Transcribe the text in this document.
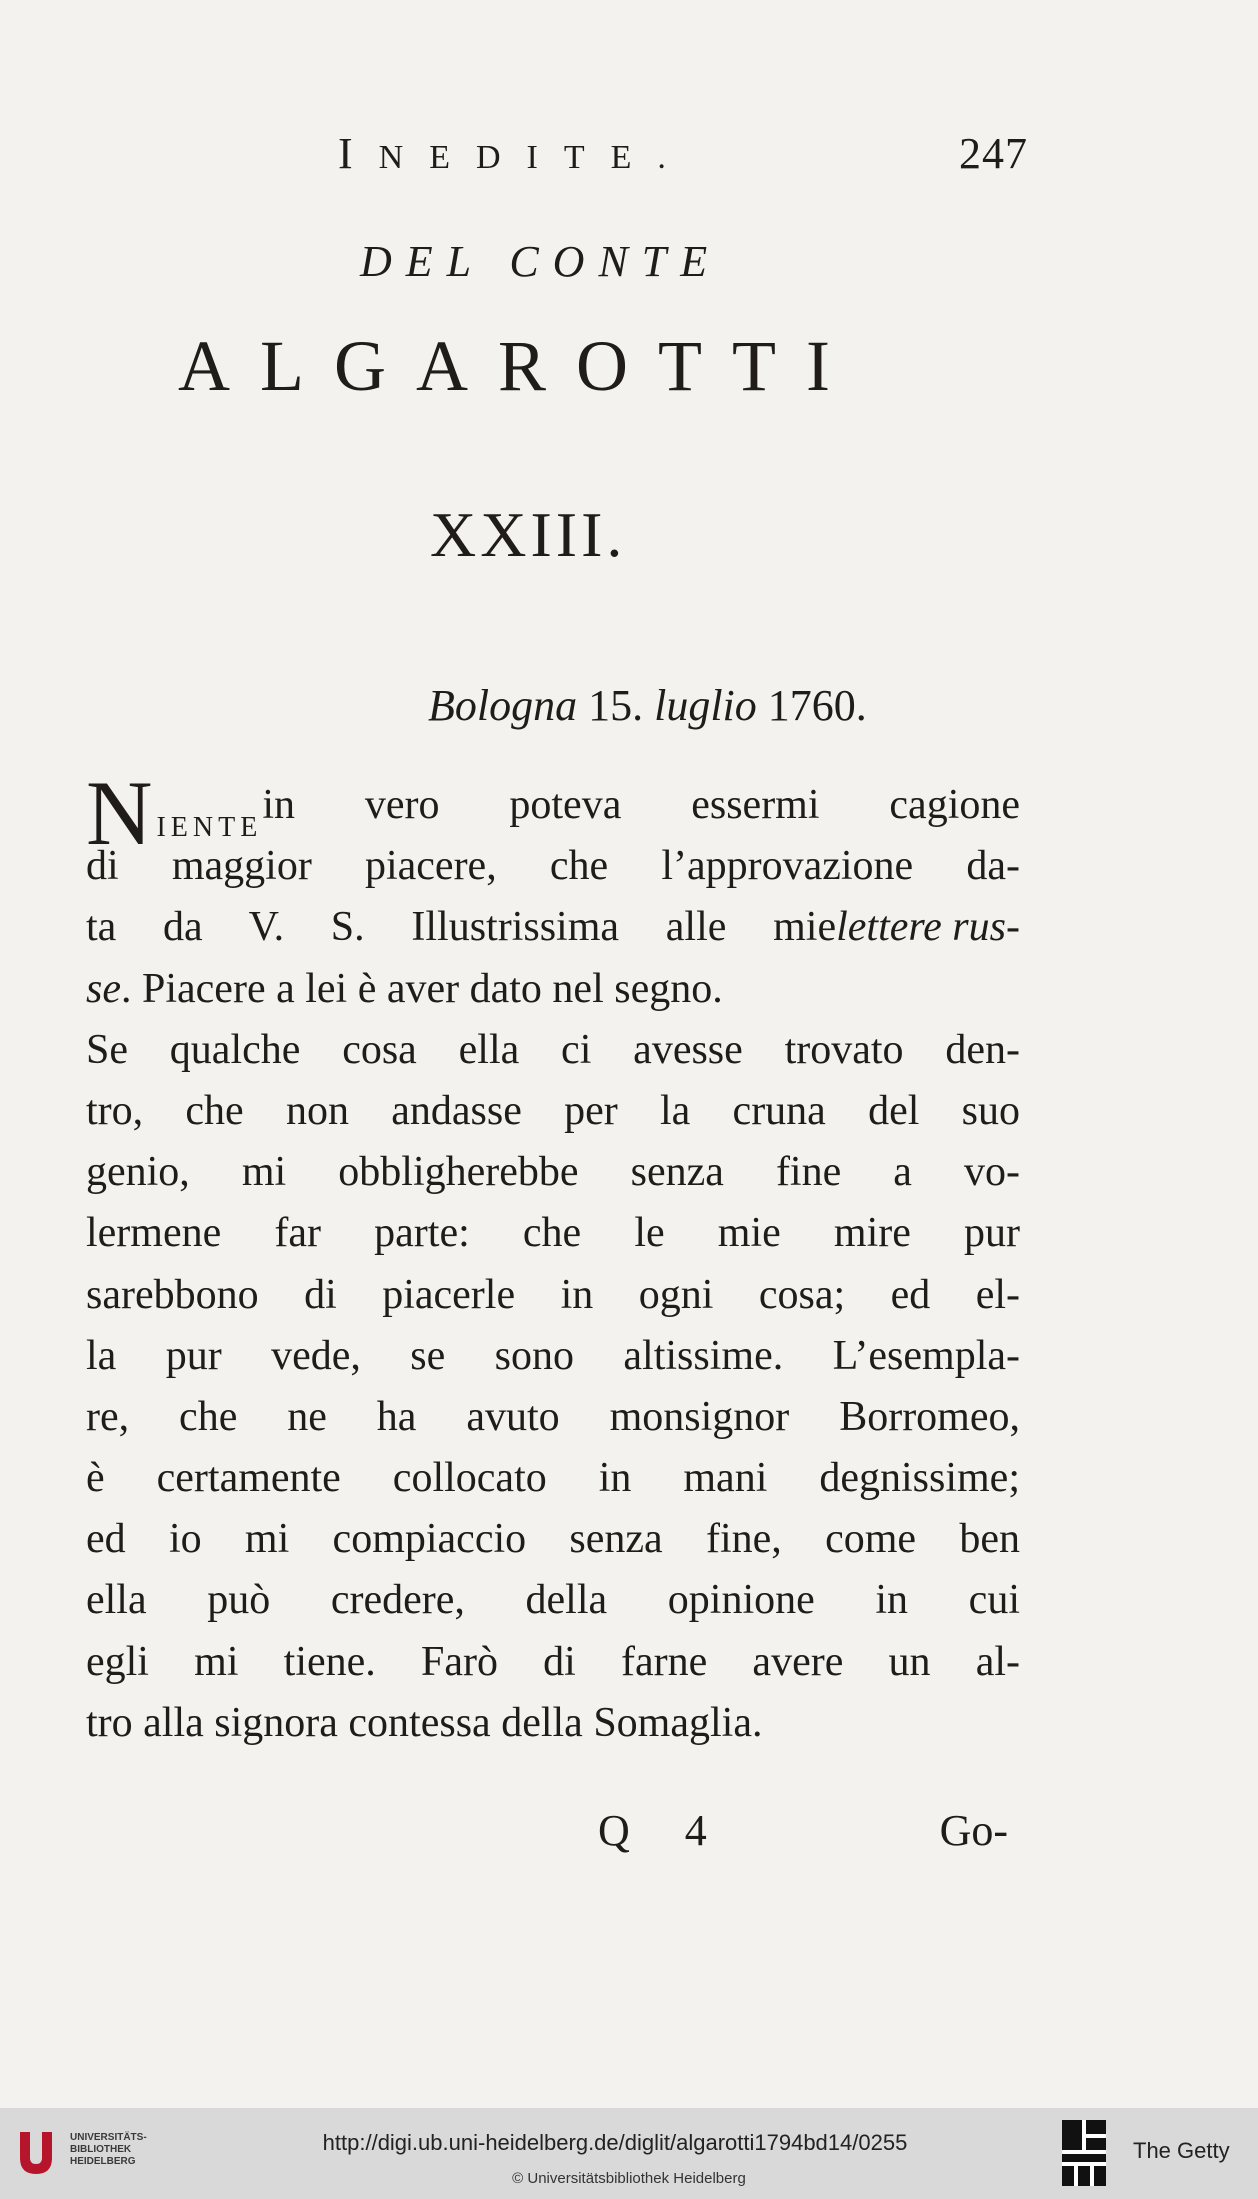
INEDITE.	247
DEL CONTE
ALGAROTTI
XXIII.
Bologna 15. luglio 1760.
NIENTE in vero poteva essermi cagione
di maggior piacere, che l’approvazione da-
ta da V. S. Illustrissima alle mie lettere rus-
se. Piacere a lei è aver dato nel segno.
Se qualche cosa ella ci avesse trovato den-
tro, che non andasse per la cruna del suo
genio, mi obbligherebbe senza fine a vo-
lermene far parte: che le mie mire pur
sarebbono di piacerle in ogni cosa; ed el-
la pur vede, se sono altissime. L’esempla-
re, che ne ha avuto monsignor Borromeo,
è certamente collocato in mani degnissime;
ed io mi compiaccio senza fine, come ben
ella può credere, della opinione in cui
egli mi tiene. Farò di farne avere un al-
tro alla signora contessa della Somaglia.
Q 4	Go-
UNIVERSITÄTS-
BIBLIOTHEK
HEIDELBERG
http://digi.ub.uni-heidelberg.de/diglit/algarotti1794bd14/0255
© Universitätsbibliothek Heidelberg
The Getty
